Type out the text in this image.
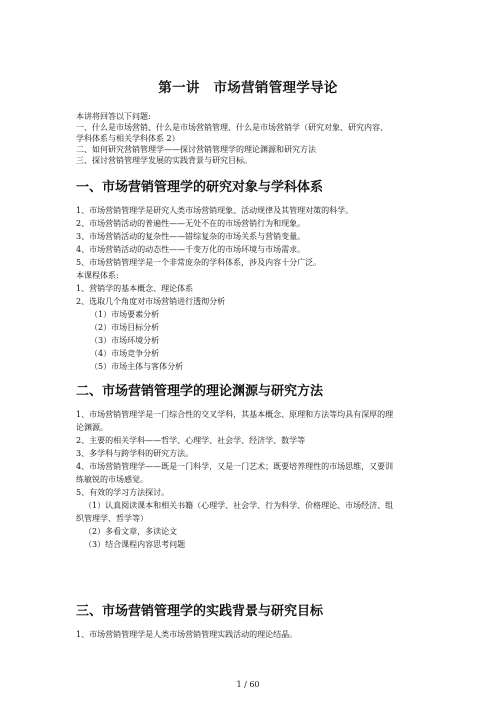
第一讲　市场营销管理学导论
本讲将回答以下问题:
一、什么是市场营销、什么是市场营销管理、什么是市场营销学（研究对象、研究内容、
学科体系与相关学科体系 2）
二、如何研究营销管理学——探讨营销管理学的理论渊源和研究方法
三、探讨营销管理学发展的实践背景与研究目标。
一、市场营销管理学的研究对象与学科体系
1、市场营销管理学是研究人类市场营销现象、活动规律及其管理对策的科学。
2、市场营销活动的普遍性——无处不在的市场营销行为和现象。
3、市场营销活动的复杂性——错综复杂的市场关系与营销变量。
4、市场营销活动的动态性——千变万化的市场环境与市场需求。
5、市场营销管理学是一个非常庞杂的学科体系，涉及内容十分广泛。
本课程体系:
1、营销学的基本概念、理论体系
2、选取几个角度对市场营销进行透彻分析
（1）市场要素分析
（2）市场目标分析
（3）市场环境分析
（4）市场竞争分析
（5）市场主体与客体分析
二、市场营销管理学的理论渊源与研究方法
1、市场营销管理学是一门综合性的交叉学科，其基本概念、原理和方法等均具有深厚的理
论渊源。
2、主要的相关学科——哲学、心理学、社会学、经济学、数学等
3、多学科与跨学科的研究方法。
4、市场营销管理学——既是一门科学，又是一门艺术；既要培养理性的市场思维，又要训
练敏锐的市场感觉。
5、有效的学习方法探讨。
（1）认真阅读课本和相关书籍（心理学、社会学、行为科学、价格理论、市场经济、组
织管理学、哲学等）
（2）多看文章，多读论文
（3）结合课程内容思考问题
三、市场营销管理学的实践背景与研究目标
1、市场营销管理学是人类市场营销管理实践活动的理论结晶。
1 / 60
